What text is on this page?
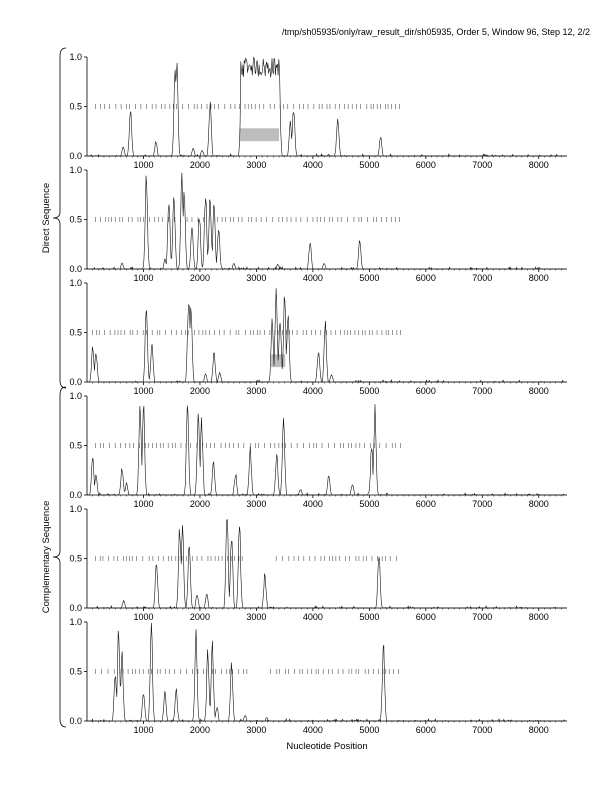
/tmp/sh05935/only/raw_result_dir/sh05935, Order 5, Window 96, Step 12, 2/2
0.0
0.5
1.0
1000	2000	3000	4000	5000	6000	7000	8000
0.0
0.5
1.0
1000	2000	3000	4000	5000	6000	7000	8000
0.0
0.5
1.0
1000	2000	3000	4000	5000	6000	7000	8000
0.0
0.5
1.0
1000	2000	3000	4000	5000	6000	7000	8000
0.0
0.5
1.0
1000	2000	3000	4000	5000	6000	7000	8000
0.0
0.5
1.0
1000	2000	3000	4000	5000	6000	7000	8000
Direct Sequence
Complementary Sequence
Nucleotide Position
